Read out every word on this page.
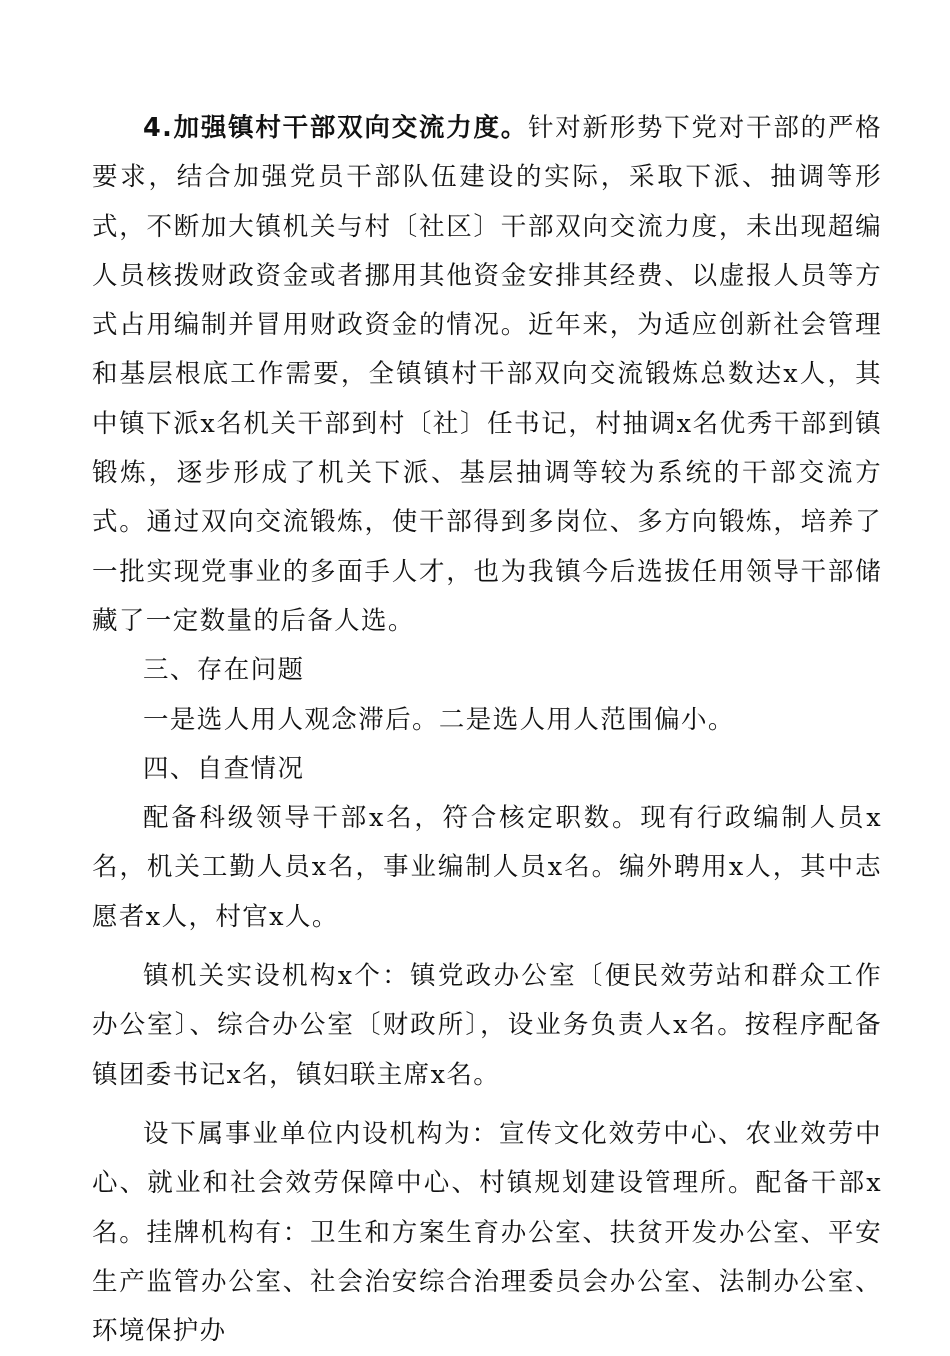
4.加强镇村干部双向交流力度。针对新形势下党对干部的严格要求，结合加强党员干部队伍建设的实际，采取下派、抽调等形式，不断加大镇机关与村〔社区〕干部双向交流力度，未出现超编人员核拨财政资金或者挪用其他资金安排其经费、以虚报人员等方式占用编制并冒用财政资金的情况。近年来，为适应创新社会管理和基层根底工作需要，全镇镇村干部双向交流锻炼总数达x人，其中镇下派x名机关干部到村〔社〕任书记，村抽调x名优秀干部到镇锻炼，逐步形成了机关下派、基层抽调等较为系统的干部交流方式。通过双向交流锻炼，使干部得到多岗位、多方向锻炼，培养了一批实现党事业的多面手人才，也为我镇今后选拔任用领导干部储藏了一定数量的后备人选。

三、存在问题

一是选人用人观念滞后。二是选人用人范围偏小。

四、自查情况

配备科级领导干部x名，符合核定职数。现有行政编制人员x名，机关工勤人员x名，事业编制人员x名。编外聘用x人，其中志愿者x人，村官x人。

镇机关实设机构x个：镇党政办公室〔便民效劳站和群众工作办公室〕、综合办公室〔财政所〕，设业务负责人x名。按程序配备镇团委书记x名，镇妇联主席x名。

设下属事业单位内设机构为：宣传文化效劳中心、农业效劳中心、就业和社会效劳保障中心、村镇规划建设管理所。配备干部x名。挂牌机构有：卫生和方案生育办公室、扶贫开发办公室、平安生产监管办公室、社会治安综合治理委员会办公室、法制办公室、环境保护办
